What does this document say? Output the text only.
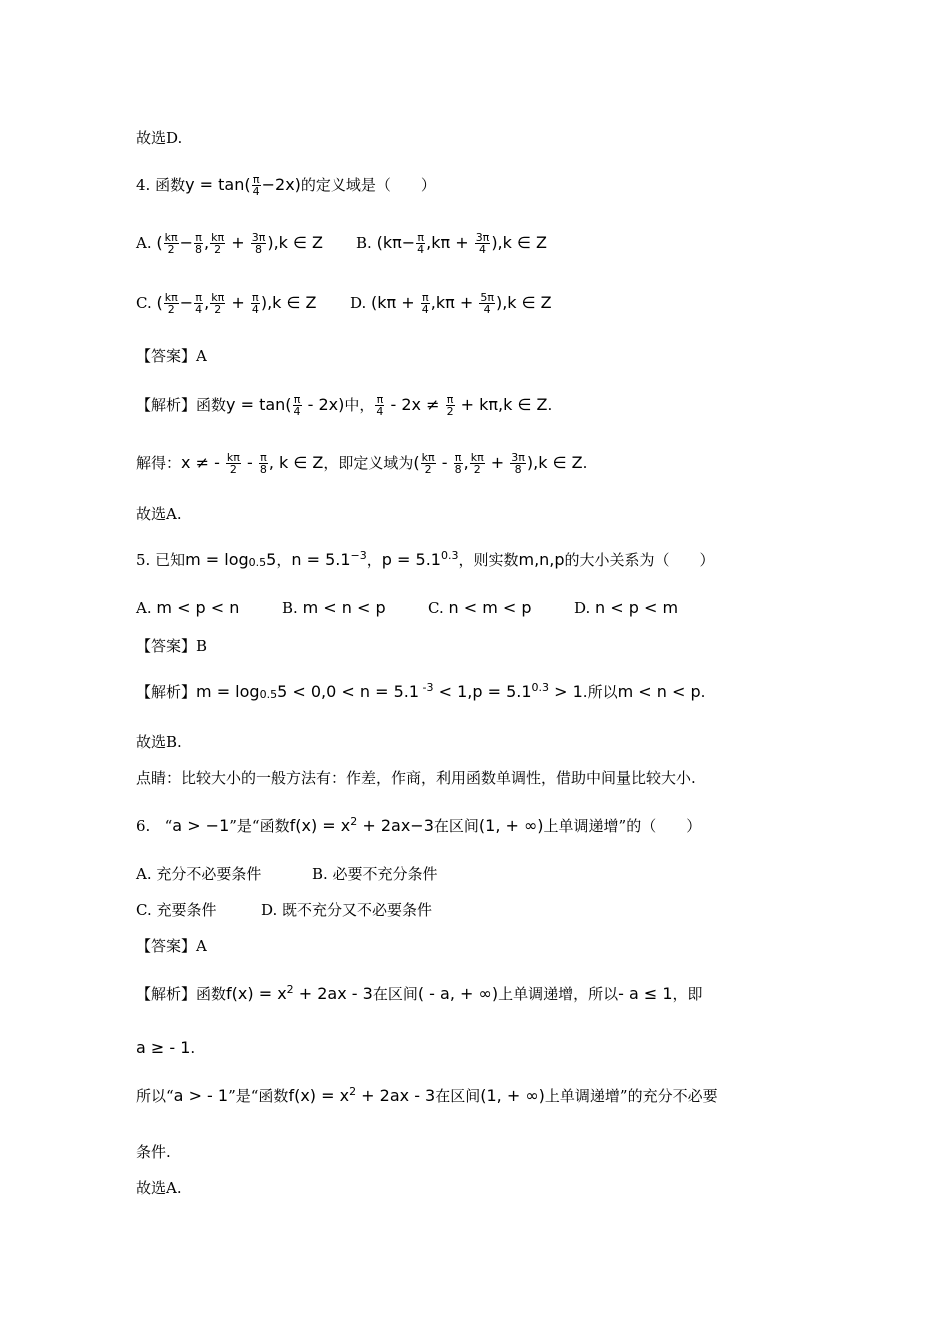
故选D.
4. 函数$y = \tan( \frac{\pi}{4} -2x)$的定义域是（　　）
A. ( $\frac{k\pi}{2} - \frac{\pi}{8}$ , $\frac{k\pi}{2} + \frac{3\pi}{8} ),k$ ∈ Z B. $(k\pi- \frac{\pi}{4} ,k\pi + \frac{3\pi}{4} ),k$ ∈ Z
C. ( $\frac{k\pi}{2} - \frac{\pi}{4}$ , $\frac{k\pi}{2} + \frac{\pi}{4} ),k$ ∈ Z D. $(k\pi + \frac{\pi}{4} ,k\pi + \frac{5\pi}{4} ),k$ ∈ Z
【答案】A
【解析】函数$y = \tan( \frac{\pi}{4} - 2x)$中， $\frac{\pi}{4} - 2x \ne \frac{\pi}{2} + k\pi,k$ ∈ Z.
解得：x ≠ - $\frac{k\pi}{2} - \frac{\pi}{8}$ , k ∈ Z，即定义域为( $\frac{k\pi}{2} - \frac{\pi}{8}$ , $\frac{k\pi}{2} + \frac{3\pi}{8} ),k$ ∈ Z.
故选A.
5. 已知m = log0.55，$n = 5.1^{-3}$，$p = 5.1^{0.3}$，则实数m,n,p的大小关系为（　　）
A. m < p < n	B. m < n < p	C. n < m < p	D. n < p < m
【答案】B
【解析】m = log0.55 < 0,0 < n = 5.1 $^{-3} < 1,p = 5.1^{0.3} > 1$.所以m < n < p.
故选B.
点睛：比较大小的一般方法有：作差，作商，利用函数单调性，借助中间量比较大小.
6. “a > −1”是“函数$f(x) = x^2 + 2ax-3$在区间(1, + ∞)上单调递增”的（　　）
A. 充分不必要条件	B. 必要不充分条件
C. 充要条件	D. 既不充分又不必要条件
【答案】A
【解析】函数$f(x) = x^2 + 2ax - 3$在区间( - a, + ∞)上单调递增，所以- a ≤ 1，即
a ≥ - 1.
所以“a > - 1”是“函数$f(x) = x^2 + 2ax - 3$在区间(1, + ∞)上单调递增”的充分不必要
条件.
故选A.
